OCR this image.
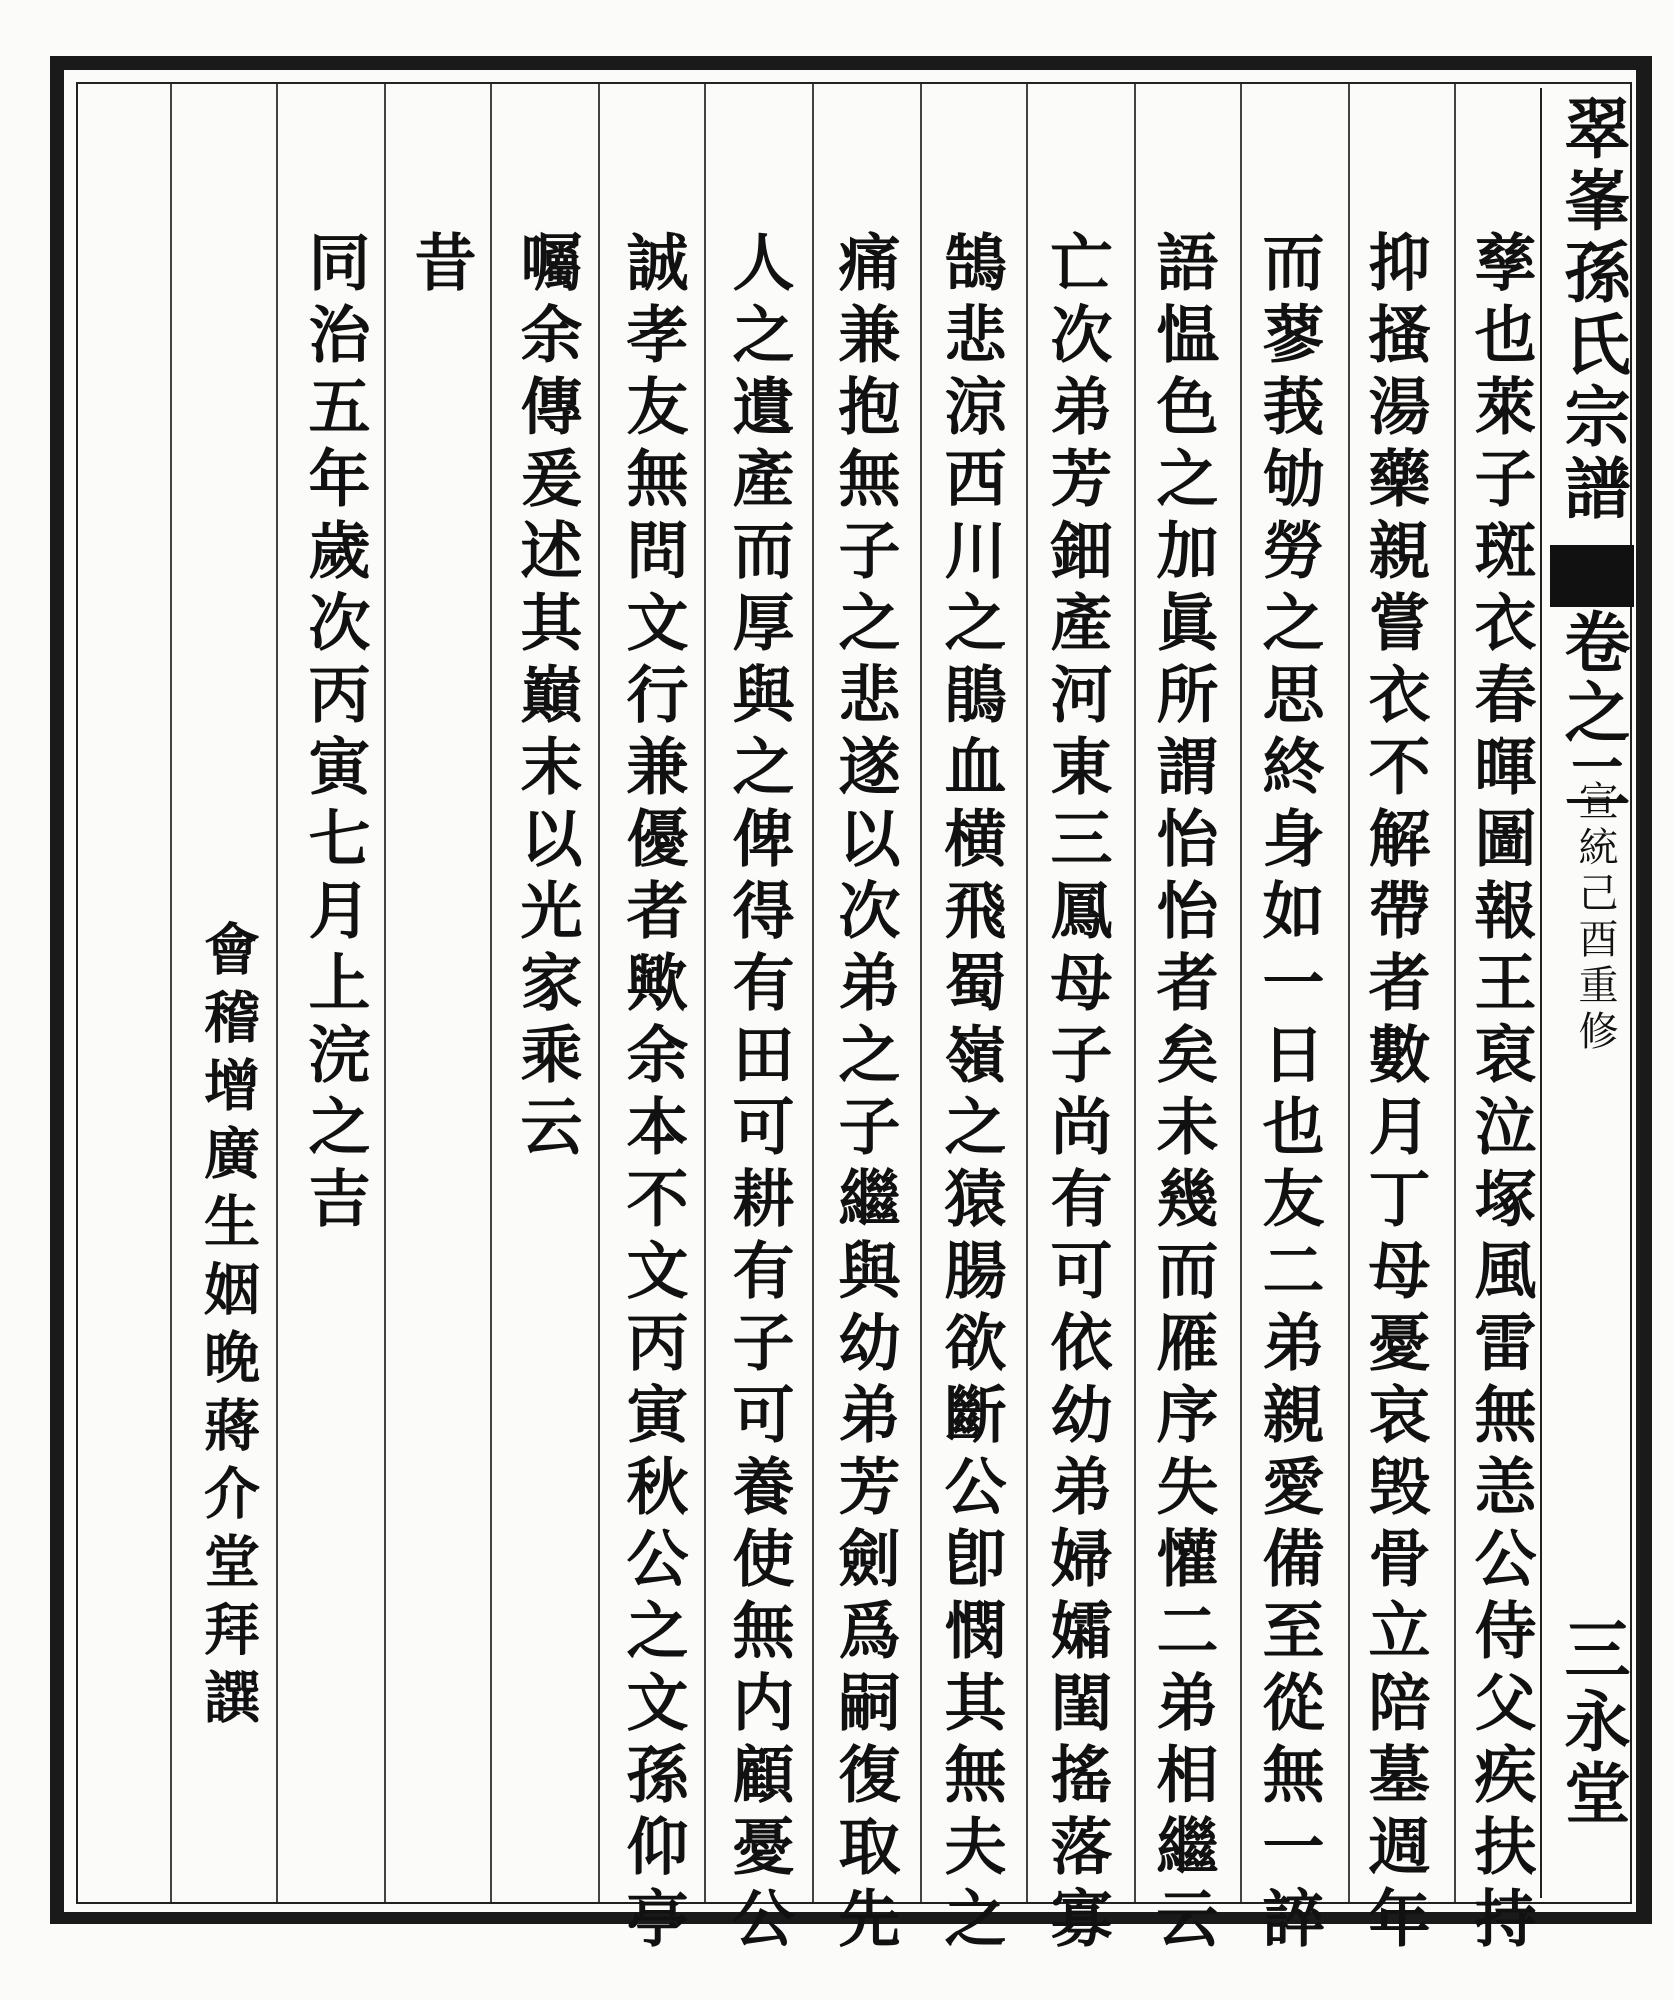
翠峯孫氏宗譜
卷之二
宣統己酉重修
三永堂
孳也萊子斑衣春暉圖報王裒泣塚風雷無恙公侍父疾扶持
抑搔湯藥親嘗衣不解帶者數月丁母憂哀毁骨立陪墓週年
而蓼莪劬勞之思終身如一日也友二弟親愛備至從無一誶
語愠色之加眞所謂怡怡者矣未幾而雁序失懽二弟相繼云
亡次弟芳鈿產河東三鳳母子尚有可依幼弟婦孀閨搖落寡
鵠悲涼西川之鵑血横飛蜀嶺之猿腸欲斷公卽憫其無夫之
痛兼抱無子之悲遂以次弟之子繼與幼弟芳劍爲嗣復取先
人之遺產而厚與之俾得有田可耕有子可養使無内顧憂公
誠孝友無問文行兼優者歟余本不文丙寅秋公之文孫仰亭
囑余傳爰述其巔末以光家乘云
昔
同治五年歲次丙寅七月上浣之吉
會稽增廣生姻晚蔣介堂拜譔
